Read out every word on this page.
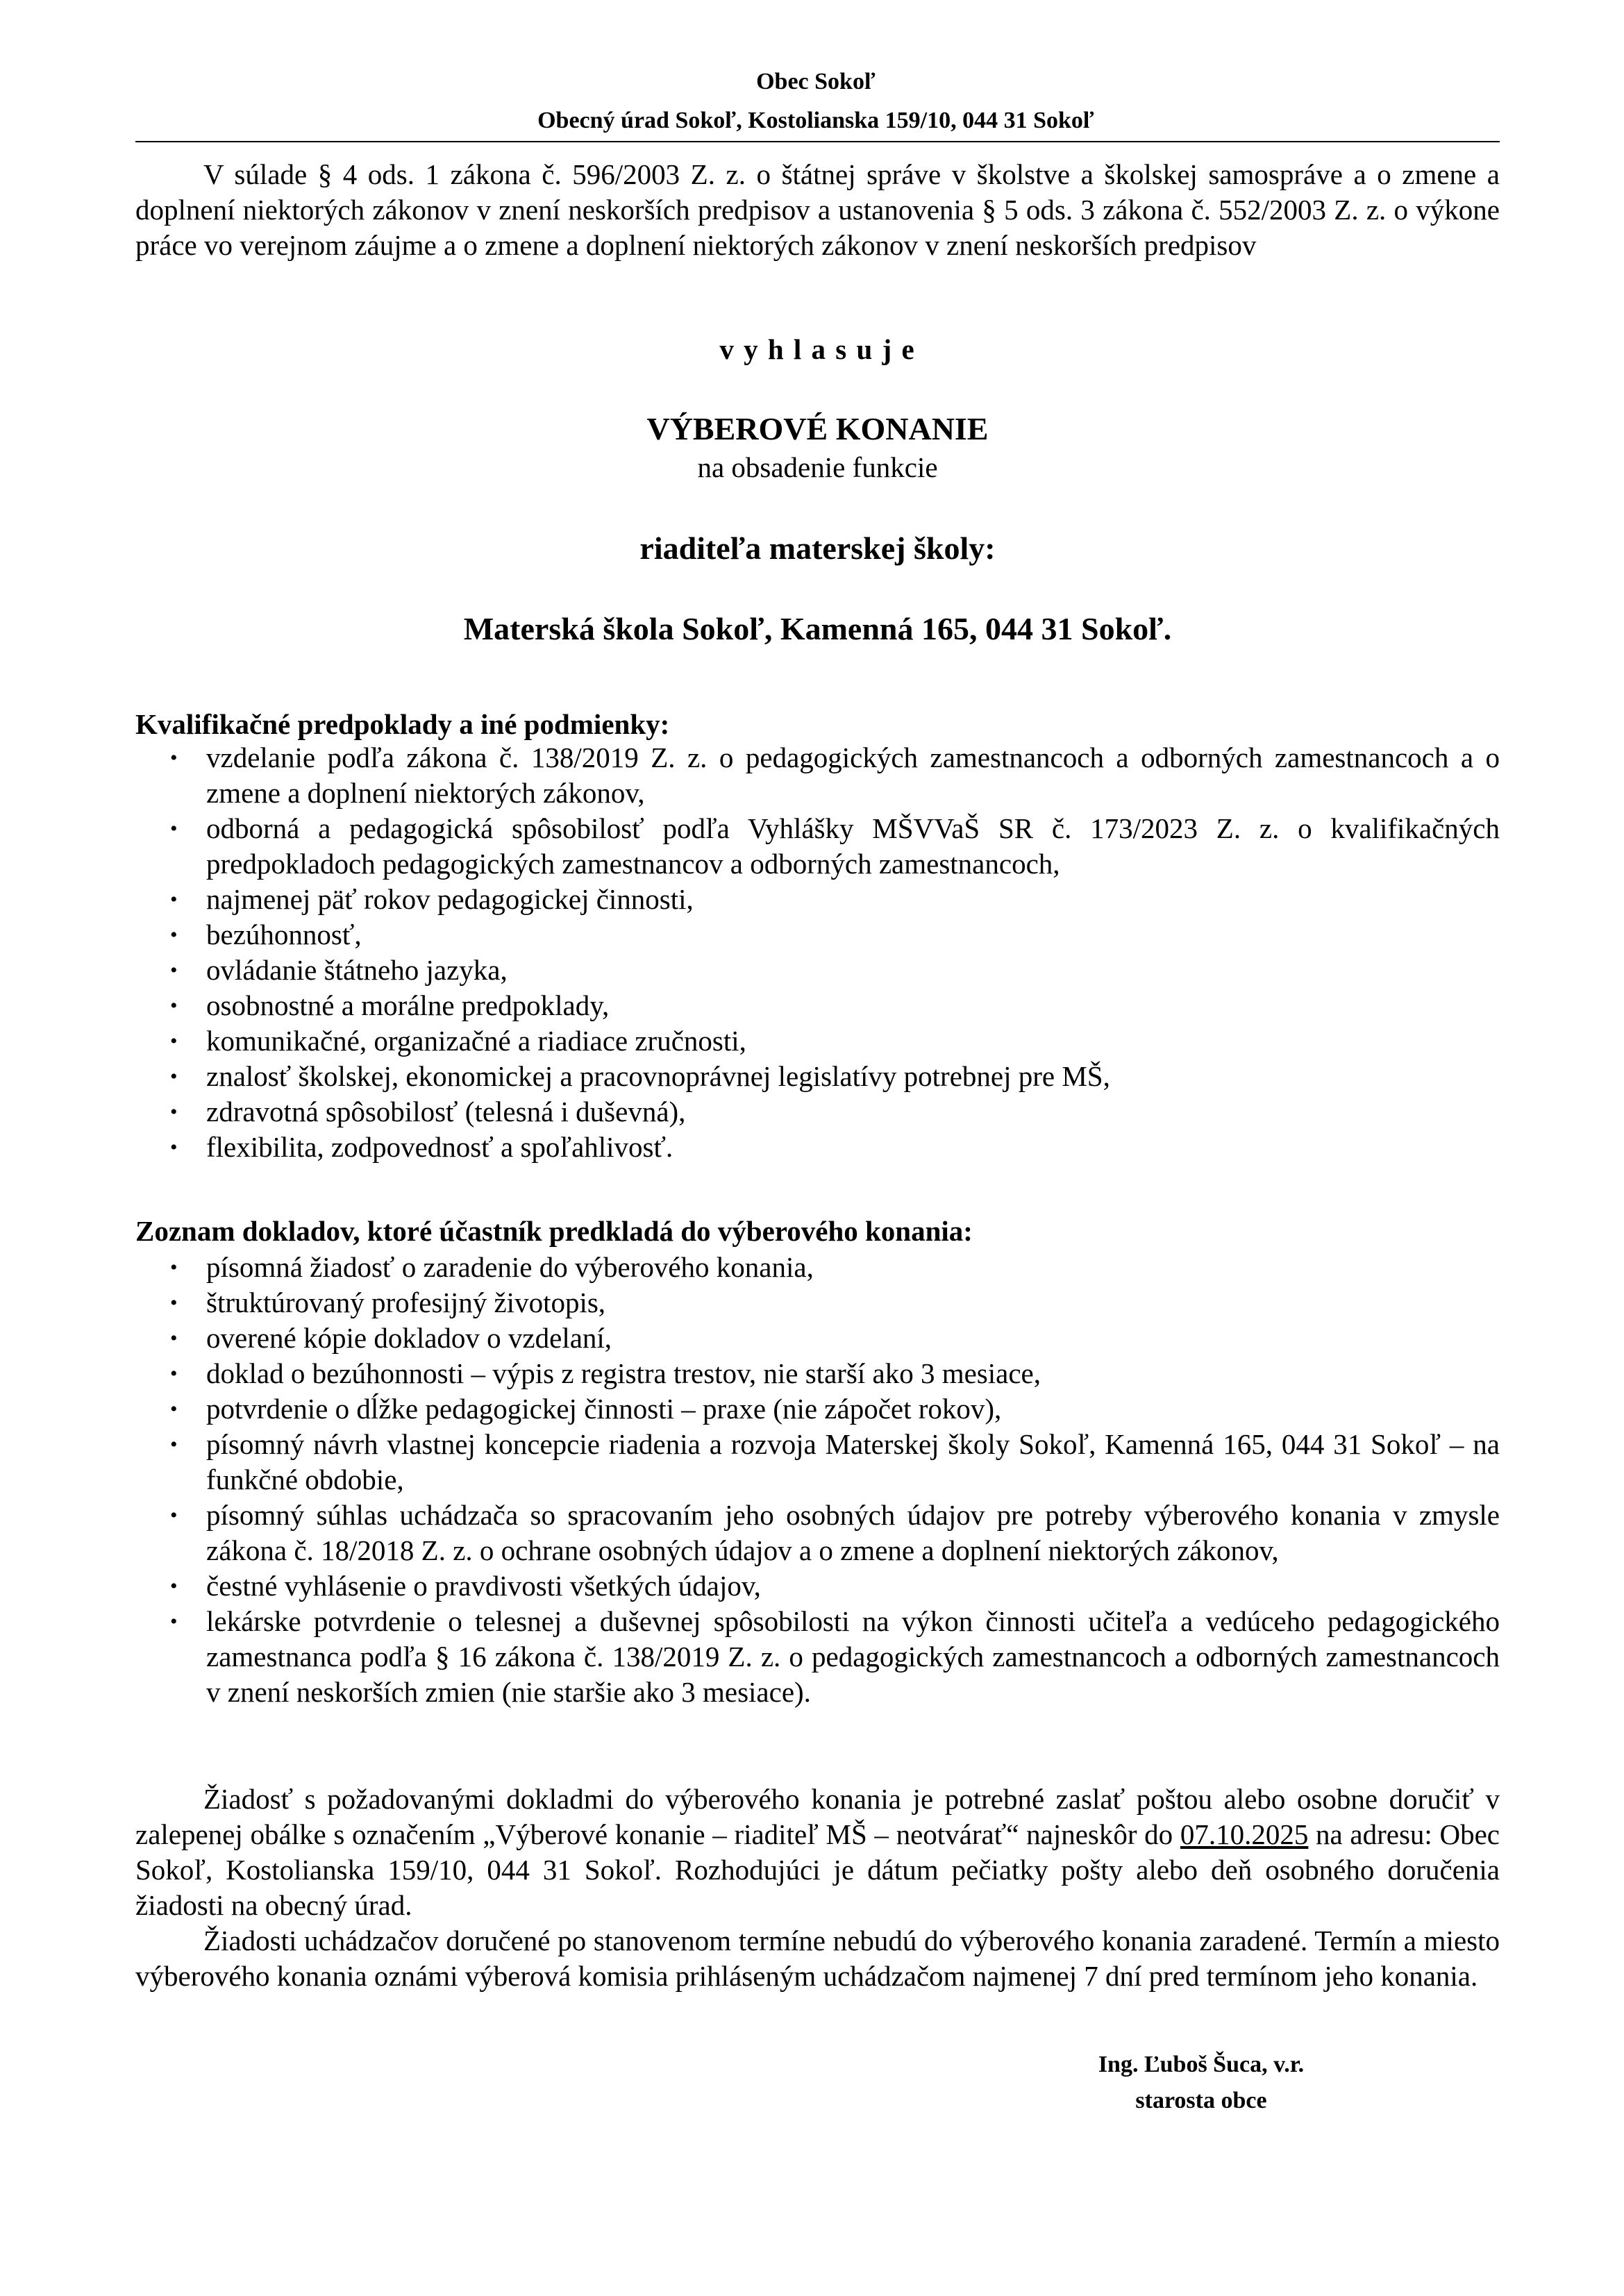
Obec Sokoľ
Obecný úrad Sokoľ, Kostolianska 159/10, 044 31 Sokoľ
V súlade § 4 ods. 1 zákona č. 596/2003 Z. z. o štátnej správe v školstve a školskej samospráve a o zmene a doplnení niektorých zákonov v znení neskorších predpisov a ustanovenia § 5 ods. 3 zákona č. 552/2003 Z. z. o výkone práce vo verejnom záujme a o zmene a doplnení niektorých zákonov v znení neskorších predpisov
v y h l a s u j e
VÝBEROVÉ KONANIE
na obsadenie funkcie
riaditeľa materskej školy:
Materská škola Sokoľ, Kamenná 165, 044 31 Sokoľ.
Kvalifikačné predpoklady a iné podmienky:
• vzdelanie podľa zákona č. 138/2019 Z. z. o pedagogických zamestnancoch a odborných zamestnancoch a o zmene a doplnení niektorých zákonov,
• odborná a pedagogická spôsobilosť podľa Vyhlášky MŠVVaŠ SR č. 173/2023 Z. z. o kvalifikačných predpokladoch pedagogických zamestnancov a odborných zamestnancoch,
• najmenej päť rokov pedagogickej činnosti,
• bezúhonnosť,
• ovládanie štátneho jazyka,
• osobnostné a morálne predpoklady,
• komunikačné, organizačné a riadiace zručnosti,
• znalosť školskej, ekonomickej a pracovnoprávnej legislatívy potrebnej pre MŠ,
• zdravotná spôsobilosť (telesná i duševná),
• flexibilita, zodpovednosť a spoľahlivosť.
Zoznam dokladov, ktoré účastník predkladá do výberového konania:
• písomná žiadosť o zaradenie do výberového konania,
• štruktúrovaný profesijný životopis,
• overené kópie dokladov o vzdelaní,
• doklad o bezúhonnosti – výpis z registra trestov, nie starší ako 3 mesiace,
• potvrdenie o dĺžke pedagogickej činnosti – praxe (nie zápočet rokov),
• písomný návrh vlastnej koncepcie riadenia a rozvoja Materskej školy Sokoľ, Kamenná 165, 044 31 Sokoľ – na funkčné obdobie,
• písomný súhlas uchádzača so spracovaním jeho osobných údajov pre potreby výberového konania v zmysle zákona č. 18/2018 Z. z. o ochrane osobných údajov a o zmene a doplnení niektorých zákonov,
• čestné vyhlásenie o pravdivosti všetkých údajov,
• lekárske potvrdenie o telesnej a duševnej spôsobilosti na výkon činnosti učiteľa a vedúceho pedagogického zamestnanca podľa § 16 zákona č. 138/2019 Z. z. o pedagogických zamestnancoch a odborných zamestnancoch v znení neskorších zmien (nie staršie ako 3 mesiace).
Žiadosť s požadovanými dokladmi do výberového konania je potrebné zaslať poštou alebo osobne doručiť v zalepenej obálke s označením „Výberové konanie – riaditeľ MŠ – neotvárať“ najneskôr do 07.10.2025 na adresu: Obec Sokoľ, Kostolianska 159/10, 044 31 Sokoľ. Rozhodujúci je dátum pečiatky pošty alebo deň osobného doručenia žiadosti na obecný úrad.
Žiadosti uchádzačov doručené po stanovenom termíne nebudú do výberového konania zaradené. Termín a miesto výberového konania oznámi výberová komisia prihláseným uchádzačom najmenej 7 dní pred termínom jeho konania.
Ing. Ľuboš Šuca, v.r.
starosta obce
